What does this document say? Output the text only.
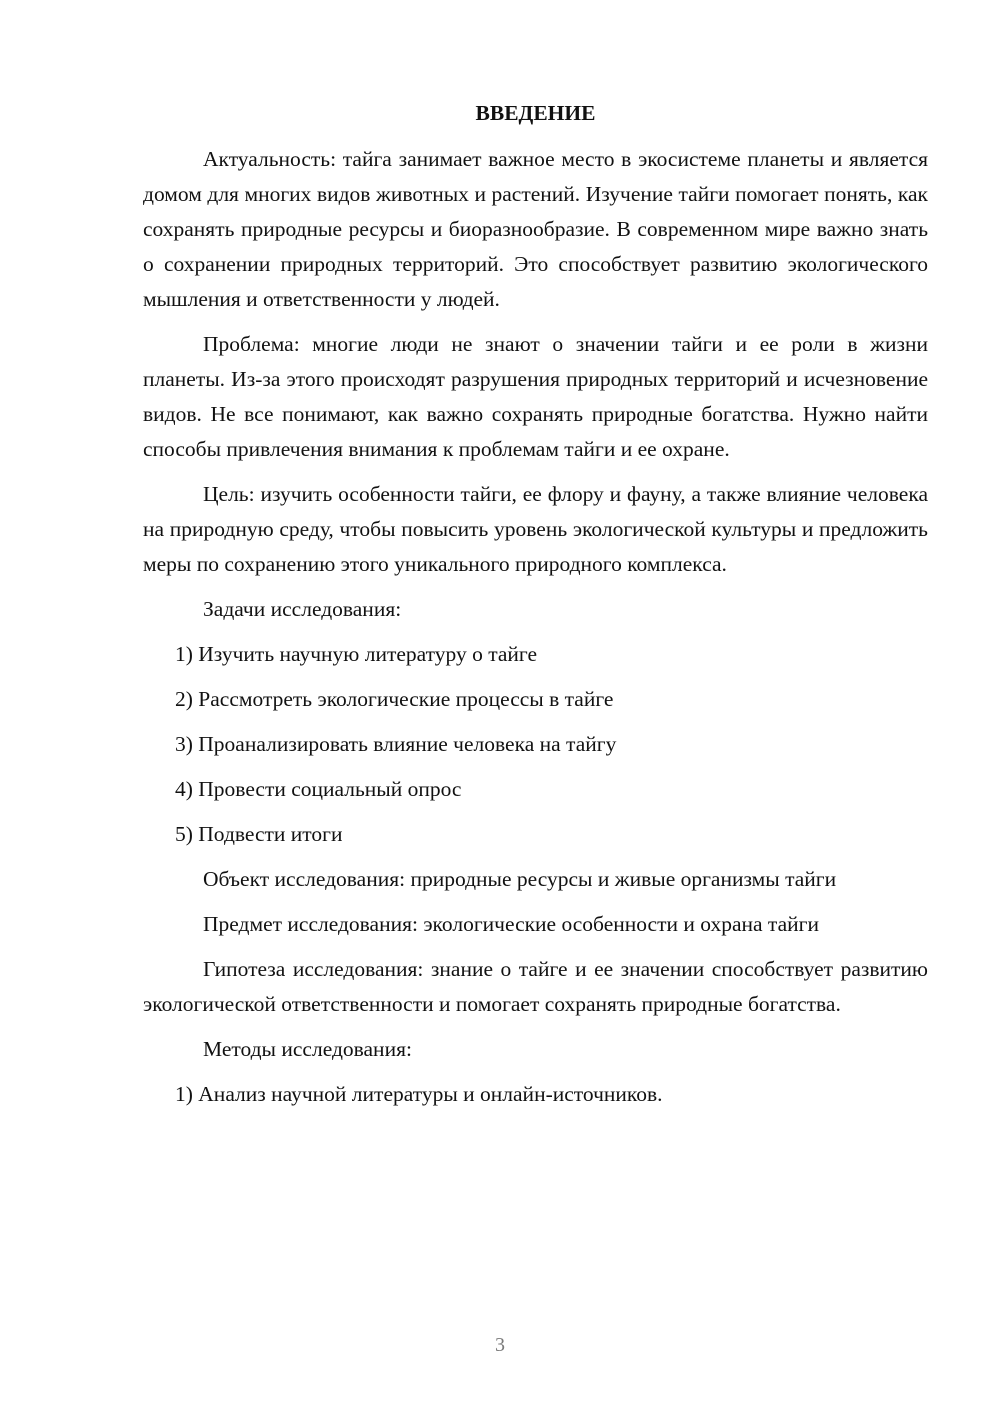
ВВЕДЕНИЕ

Актуальность: тайга занимает важное место в экосистеме планеты и является домом для многих видов животных и растений. Изучение тайги помогает понять, как сохранять природные ресурсы и биоразнообразие. В современном мире важно знать о сохранении природных территорий. Это способствует развитию экологического мышления и ответственности у людей.

Проблема: многие люди не знают о значении тайги и ее роли в жизни планеты. Из-за этого происходят разрушения природных территорий и исчезновение видов. Не все понимают, как важно сохранять природные богатства. Нужно найти способы привлечения внимания к проблемам тайги и ее охране.

Цель: изучить особенности тайги, ее флору и фауну, а также влияние человека на природную среду, чтобы повысить уровень экологической культуры и предложить меры по сохранению этого уникального природного комплекса.

Задачи исследования:
1) Изучить научную литературу о тайге
2) Рассмотреть экологические процессы в тайге
3) Проанализировать влияние человека на тайгу
4) Провести социальный опрос
5) Подвести итоги

Объект исследования: природные ресурсы и живые организмы тайги

Предмет исследования: экологические особенности и охрана тайги

Гипотеза исследования: знание о тайге и ее значении способствует развитию экологической ответственности и помогает сохранять природные богатства.

Методы исследования:
1) Анализ научной литературы и онлайн-источников.
3
